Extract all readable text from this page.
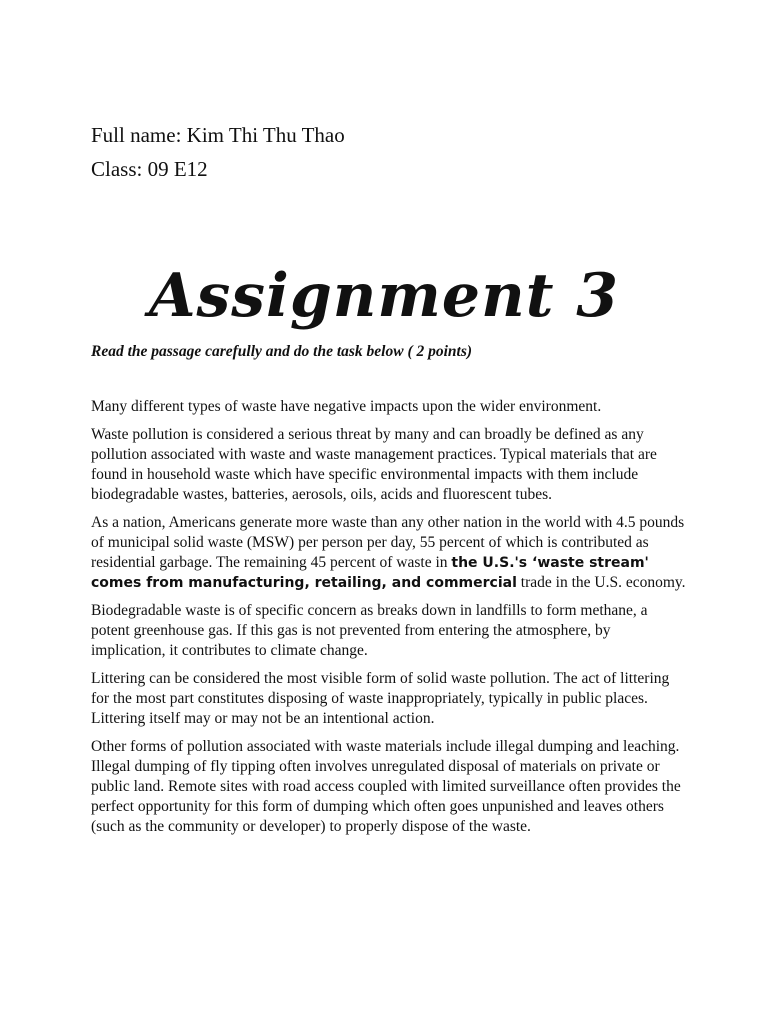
Full name: Kim Thi Thu Thao

Class: 09 E12

Assignment 3

Read the passage carefully and do the task below ( 2 points)

Many different types of waste have negative impacts upon the wider environment.

Waste pollution is considered a serious threat by many and can broadly be defined as any pollution associated with waste and waste management practices. Typical materials that are found in household waste which have specific environmental impacts with them include biodegradable wastes, batteries, aerosols, oils, acids and fluorescent tubes.

As a nation, Americans generate more waste than any other nation in the world with 4.5 pounds of municipal solid waste (MSW) per person per day, 55 percent of which is contributed as residential garbage. The remaining 45 percent of waste in the U.S.'s ‘waste stream' comes from manufacturing, retailing, and commercial trade in the U.S. economy.

Biodegradable waste is of specific concern as breaks down in landfills to form methane, a potent greenhouse gas. If this gas is not prevented from entering the atmosphere, by implication, it contributes to climate change.

Littering can be considered the most visible form of solid waste pollution. The act of littering for the most part constitutes disposing of waste inappropriately, typically in public places. Littering itself may or may not be an intentional action.

Other forms of pollution associated with waste materials include illegal dumping and leaching. Illegal dumping of fly tipping often involves unregulated disposal of materials on private or public land. Remote sites with road access coupled with limited surveillance often provides the perfect opportunity for this form of dumping which often goes unpunished and leaves others (such as the community or developer) to properly dispose of the waste.
